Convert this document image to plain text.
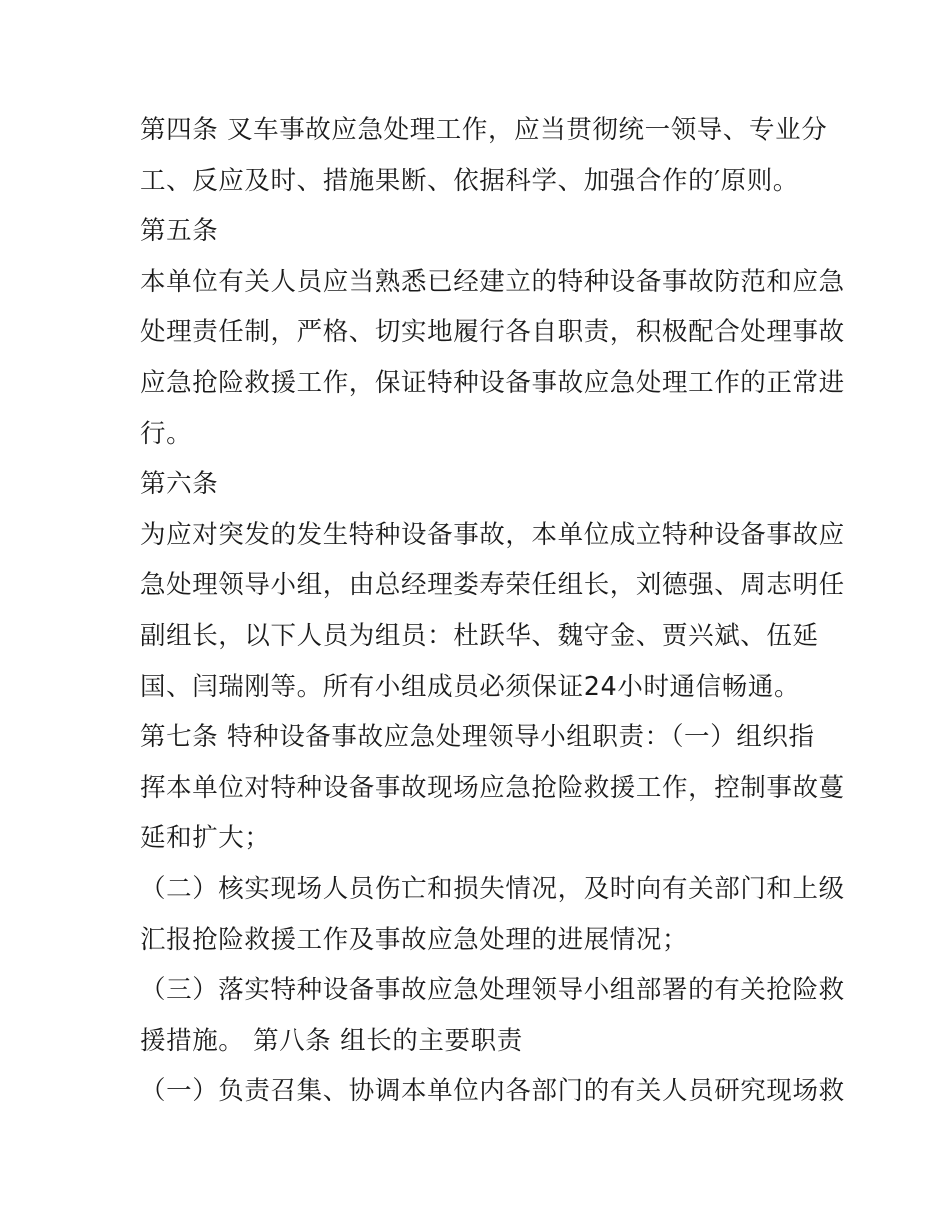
第四条 叉车事故应急处理工作，应当贯彻统一领导、专业分
工、反应及时、措施果断、依据科学、加强合作的′原则。
第五条
本单位有关人员应当熟悉已经建立的特种设备事故防范和应急
处理责任制，严格、切实地履行各自职责，积极配合处理事故
应急抢险救援工作，保证特种设备事故应急处理工作的正常进
行。
第六条
为应对突发的发生特种设备事故，本单位成立特种设备事故应
急处理领导小组，由总经理娄寿荣任组长，刘德强、周志明任
副组长，以下人员为组员：杜跃华、魏守金、贾兴斌、伍延
国、闫瑞刚等。所有小组成员必须保证24小时通信畅通。
第七条 特种设备事故应急处理领导小组职责：（一）组织指
挥本单位对特种设备事故现场应急抢险救援工作，控制事故蔓
延和扩大；
（二）核实现场人员伤亡和损失情况，及时向有关部门和上级
汇报抢险救援工作及事故应急处理的进展情况；
（三）落实特种设备事故应急处理领导小组部署的有关抢险救
援措施。 第八条 组长的主要职责
（一）负责召集、协调本单位内各部门的有关人员研究现场救
